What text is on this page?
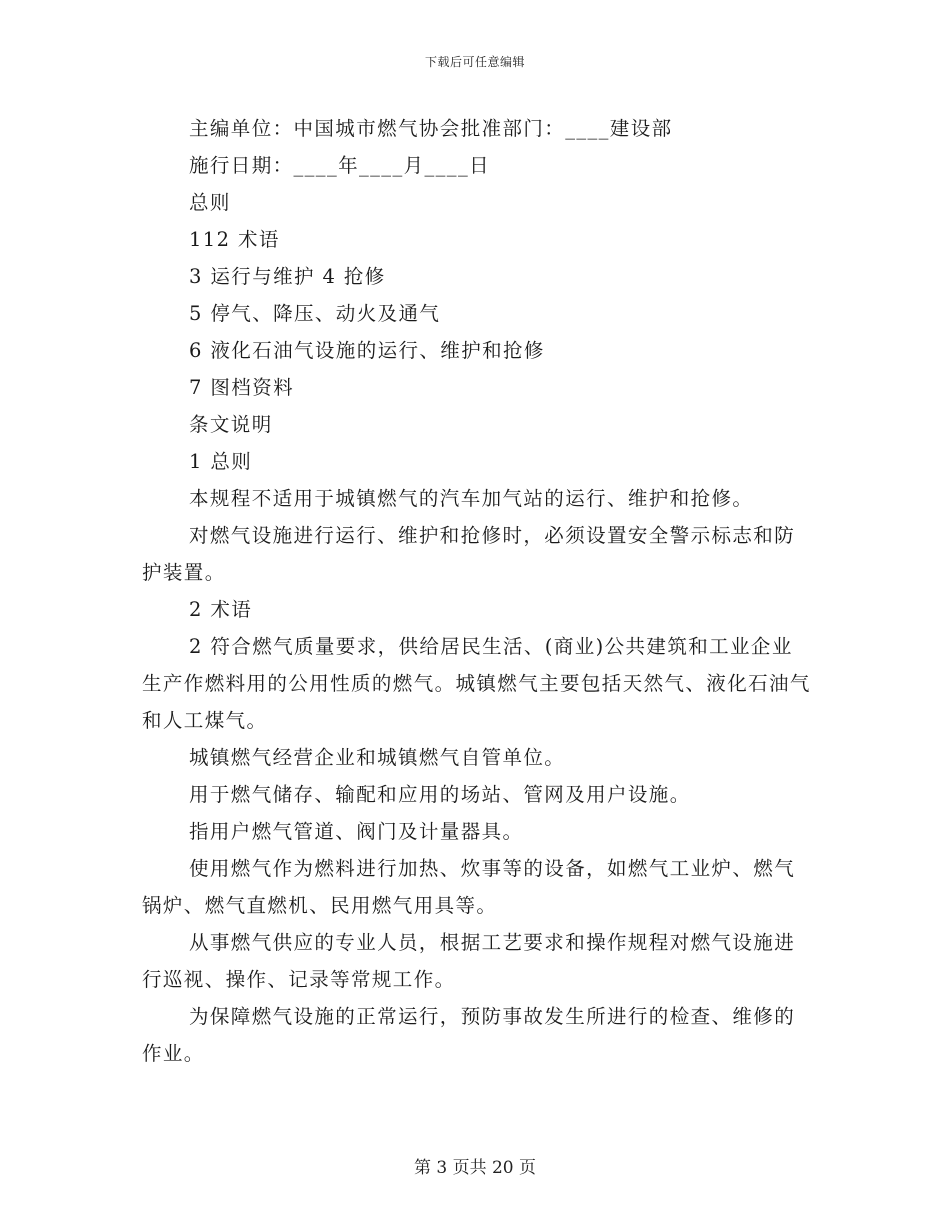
下载后可任意编辑

主编单位：中国城市燃气协会批准部门：____建设部

施行日期：____年____月____日

总则

112 术语

3 运行与维护 4 抢修

5 停气、降压、动火及通气

6 液化石油气设施的运行、维护和抢修

7 图档资料

条文说明

1 总则

本规程不适用于城镇燃气的汽车加气站的运行、维护和抢修。

对燃气设施进行运行、维护和抢修时，必须设置安全警示标志和防护装置。

2 术语

2 符合燃气质量要求，供给居民生活、(商业)公共建筑和工业企业生产作燃料用的公用性质的燃气。城镇燃气主要包括天然气、液化石油气和人工煤气。

城镇燃气经营企业和城镇燃气自管单位。

用于燃气储存、输配和应用的场站、管网及用户设施。

指用户燃气管道、阀门及计量器具。

使用燃气作为燃料进行加热、炊事等的设备，如燃气工业炉、燃气锅炉、燃气直燃机、民用燃气用具等。

从事燃气供应的专业人员，根据工艺要求和操作规程对燃气设施进行巡视、操作、记录等常规工作。

为保障燃气设施的正常运行，预防事故发生所进行的检查、维修的作业。

第 3 页共 20 页
